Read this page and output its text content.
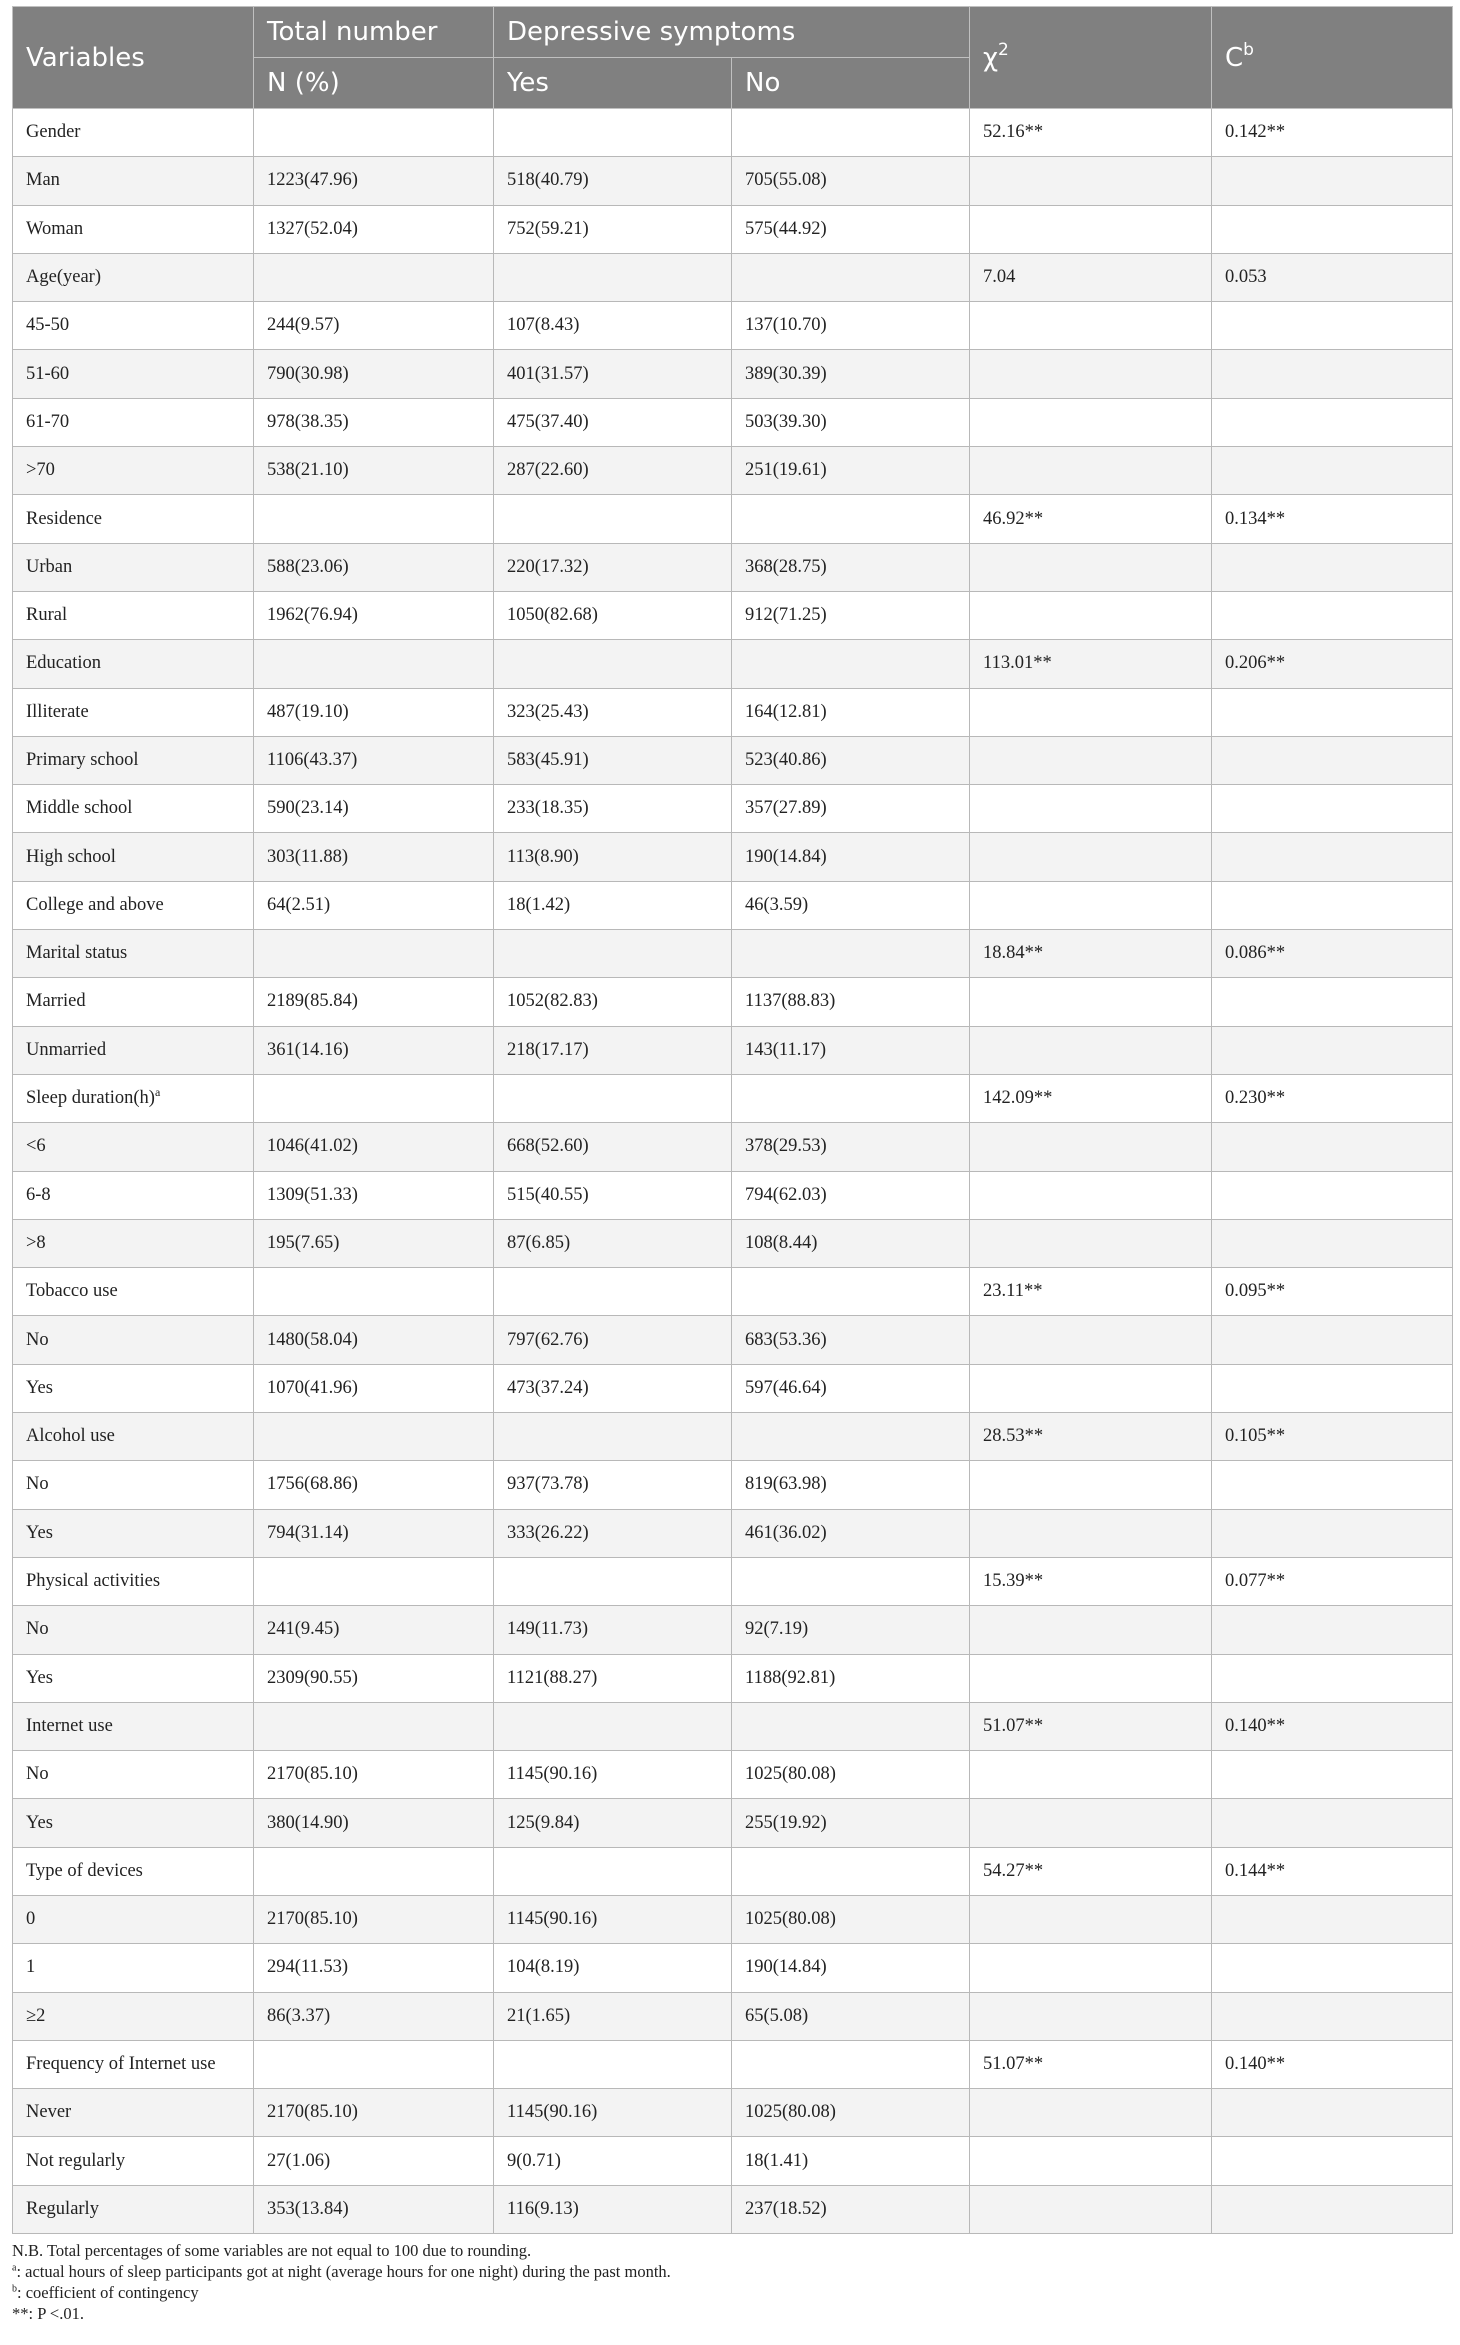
Variables	Total number	Depressive symptoms		$\chi^2$	$C^b$
	N (%)	Yes	No		
Gender				52.16**	0.142**
Man	1223(47.96)	518(40.79)	705(55.08)		
Woman	1327(52.04)	752(59.21)	575(44.92)		
Age(year)				7.04	0.053
45-50	244(9.57)	107(8.43)	137(10.70)		
51-60	790(30.98)	401(31.57)	389(30.39)		
61-70	978(38.35)	475(37.40)	503(39.30)		
>70	538(21.10)	287(22.60)	251(19.61)		
Residence				46.92**	0.134**
Urban	588(23.06)	220(17.32)	368(28.75)		
Rural	1962(76.94)	1050(82.68)	912(71.25)		
Education				113.01**	0.206**
Illiterate	487(19.10)	323(25.43)	164(12.81)		
Primary school	1106(43.37)	583(45.91)	523(40.86)		
Middle school	590(23.14)	233(18.35)	357(27.89)		
High school	303(11.88)	113(8.90)	190(14.84)		
College and above	64(2.51)	18(1.42)	46(3.59)		
Marital status				18.84**	0.086**
Married	2189(85.84)	1052(82.83)	1137(88.83)		
Unmarried	361(14.16)	218(17.17)	143(11.17)		
Sleep $duration(h)^a$				142.09**	0.230**
<6	1046(41.02)	668(52.60)	378(29.53)		
6-8	1309(51.33)	515(40.55)	794(62.03)		
>8	195(7.65)	87(6.85)	108(8.44)		
Tobacco use				23.11**	0.095**
No	1480(58.04)	797(62.76)	683(53.36)		
Yes	1070(41.96)	473(37.24)	597(46.64)		
Alcohol use				28.53**	0.105**
No	1756(68.86)	937(73.78)	819(63.98)		
Yes	794(31.14)	333(26.22)	461(36.02)		
Physical activities				15.39**	0.077**
No	241(9.45)	149(11.73)	92(7.19)		
Yes	2309(90.55)	1121(88.27)	1188(92.81)		
Internet use				51.07**	0.140**
No	2170(85.10)	1145(90.16)	1025(80.08)		
Yes	380(14.90)	125(9.84)	255(19.92)		
Type of devices				54.27**	0.144**
0	2170(85.10)	1145(90.16)	1025(80.08)		
1	294(11.53)	104(8.19)	190(14.84)		
≥2	86(3.37)	21(1.65)	65(5.08)		
Frequency of Internet use				51.07**	0.140**
Never	2170(85.10)	1145(90.16)	1025(80.08)		
Not regularly	27(1.06)	9(0.71)	18(1.41)		
Regularly	353(13.84)	116(9.13)	237(18.52)		
N.B. Total percentages of some variables are not equal to 100 due to rounding.
$^a$: actual hours of sleep participants got at night (average hours for one night) during the past month.
$^b$: coefficient of contingency
**: P <.01.
